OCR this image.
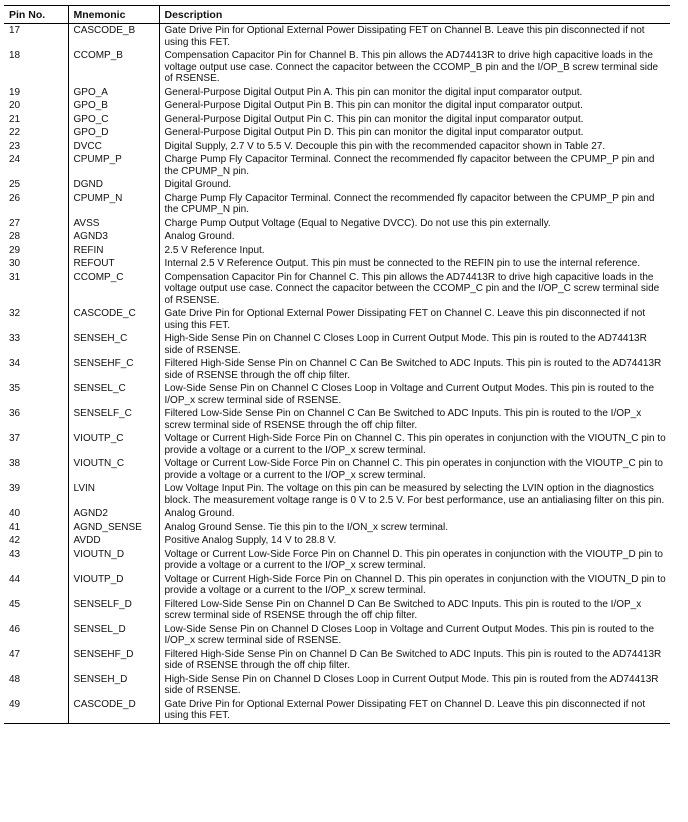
Pin No.	Mnemonic	Description
17	CASCODE_B	Gate Drive Pin for Optional External Power Dissipating FET on Channel B. Leave this pin disconnected if not using this FET.
18	CCOMP_B	Compensation Capacitor Pin for Channel B. This pin allows the AD74413R to drive high capacitive loads in the voltage output use case. Connect the capacitor between the CCOMP_B pin and the I/OP_B screw terminal side of RSENSE.
19	GPO_A	General-Purpose Digital Output Pin A. This pin can monitor the digital input comparator output.
20	GPO_B	General-Purpose Digital Output Pin B. This pin can monitor the digital input comparator output.
21	GPO_C	General-Purpose Digital Output Pin C. This pin can monitor the digital input comparator output.
22	GPO_D	General-Purpose Digital Output Pin D. This pin can monitor the digital input comparator output.
23	DVCC	Digital Supply, 2.7 V to 5.5 V. Decouple this pin with the recommended capacitor shown in Table 27.
24	CPUMP_P	Charge Pump Fly Capacitor Terminal. Connect the recommended fly capacitor between the CPUMP_P pin and the CPUMP_N pin.
25	DGND	Digital Ground.
26	CPUMP_N	Charge Pump Fly Capacitor Terminal. Connect the recommended fly capacitor between the CPUMP_P pin and the CPUMP_N pin.
27	AVSS	Charge Pump Output Voltage (Equal to Negative DVCC). Do not use this pin externally.
28	AGND3	Analog Ground.
29	REFIN	2.5 V Reference Input.
30	REFOUT	Internal 2.5 V Reference Output. This pin must be connected to the REFIN pin to use the internal reference.
31	CCOMP_C	Compensation Capacitor Pin for Channel C. This pin allows the AD74413R to drive high capacitive loads in the voltage output use case. Connect the capacitor between the CCOMP_C pin and the I/OP_C screw terminal side of RSENSE.
32	CASCODE_C	Gate Drive Pin for Optional External Power Dissipating FET on Channel C. Leave this pin disconnected if not using this FET.
33	SENSEH_C	High-Side Sense Pin on Channel C Closes Loop in Current Output Mode. This pin is routed to the AD74413R side of RSENSE.
34	SENSEHF_C	Filtered High-Side Sense Pin on Channel C Can Be Switched to ADC Inputs. This pin is routed to the AD74413R side of RSENSE through the off chip filter.
35	SENSEL_C	Low-Side Sense Pin on Channel C Closes Loop in Voltage and Current Output Modes. This pin is routed to the I/OP_x screw terminal side of RSENSE.
36	SENSELF_C	Filtered Low-Side Sense Pin on Channel C Can Be Switched to ADC Inputs. This pin is routed to the I/OP_x screw terminal side of RSENSE through the off chip filter.
37	VIOUTP_C	Voltage or Current High-Side Force Pin on Channel C. This pin operates in conjunction with the VIOUTN_C pin to provide a voltage or a current to the I/OP_x screw terminal.
38	VIOUTN_C	Voltage or Current Low-Side Force Pin on Channel C. This pin operates in conjunction with the VIOUTP_C pin to provide a voltage or a current to the I/OP_x screw terminal.
39	LVIN	Low Voltage Input Pin. The voltage on this pin can be measured by selecting the LVIN option in the diagnostics block. The measurement voltage range is 0 V to 2.5 V. For best performance, use an antialiasing filter on this pin.
40	AGND2	Analog Ground.
41	AGND_SENSE	Analog Ground Sense. Tie this pin to the I/ON_x screw terminal.
42	AVDD	Positive Analog Supply, 14 V to 28.8 V.
43	VIOUTN_D	Voltage or Current Low-Side Force Pin on Channel D. This pin operates in conjunction with the VIOUTP_D pin to provide a voltage or a current to the I/OP_x screw terminal.
44	VIOUTP_D	Voltage or Current High-Side Force Pin on Channel D. This pin operates in conjunction with the VIOUTN_D pin to provide a voltage or a current to the I/OP_x screw terminal.
45	SENSELF_D	Filtered Low-Side Sense Pin on Channel D Can Be Switched to ADC Inputs. This pin is routed to the I/OP_x screw terminal side of RSENSE through the off chip filter.
46	SENSEL_D	Low-Side Sense Pin on Channel D Closes Loop in Voltage and Current Output Modes. This pin is routed to the I/OP_x screw terminal side of RSENSE.
47	SENSEHF_D	Filtered High-Side Sense Pin on Channel D Can Be Switched to ADC Inputs. This pin is routed to the AD74413R side of RSENSE through the off chip filter.
48	SENSEH_D	High-Side Sense Pin on Channel D Closes Loop in Current Output Mode. This pin is routed from the AD74413R side of RSENSE.
49	CASCODE_D	Gate Drive Pin for Optional External Power Dissipating FET on Channel D. Leave this pin disconnected if not using this FET.
